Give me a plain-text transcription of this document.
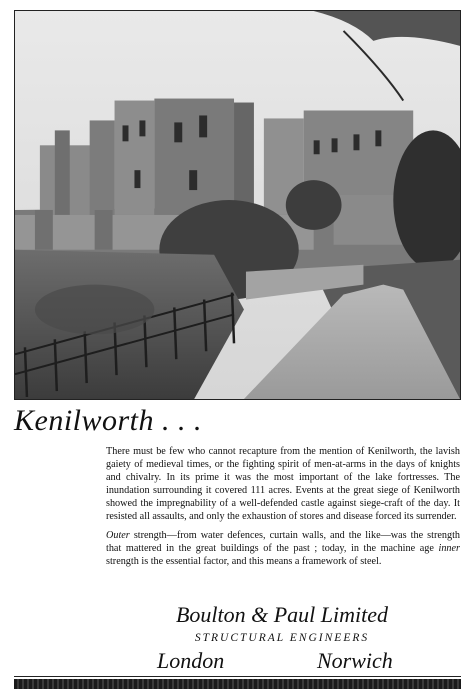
Kenilworth . . .

There must be few who cannot recapture from the mention of Kenilworth, the lavish gaiety of medieval times, or the fighting spirit of men-at-arms in the days of knights and chivalry. In its prime it was the most important of the lake fortresses. The inundation surrounding it covered 111 acres. Events at the great siege of Kenilworth showed the impregnability of a well-defended castle against siege-craft of the day. It resisted all assaults, and only the exhaustion of stores and disease forced its surrender.

Outer strength—from water defences, curtain walls, and the like—was the strength that mattered in the great buildings of the past ; today, in the machine age inner strength is the essential factor, and this means a framework of steel.

Boulton & Paul Limited
STRUCTURAL ENGINEERS
London	Norwich
